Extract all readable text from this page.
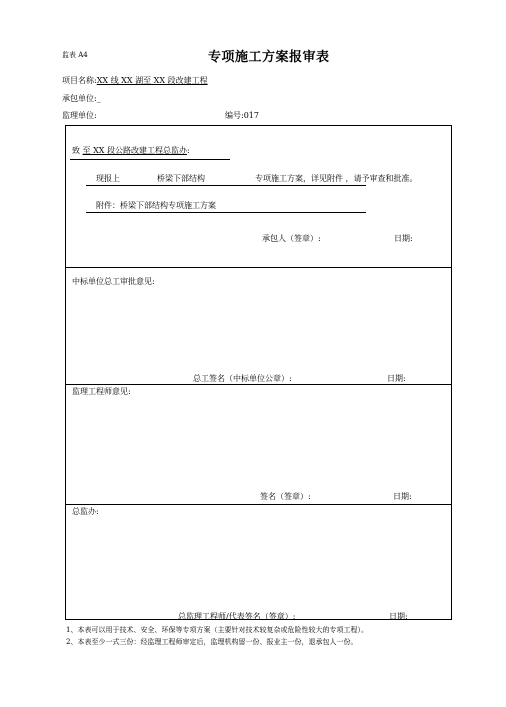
监表 A4	专项施工方案报审表
项目名称:XX 线 XX 湖至 XX 段改建工程
承包单位:_
监理单位:	编号:017
致 至 XX 段公路改建工程总监办:
现报上	桥梁下部结构	专项施工方案，详见附件 ，请予审查和批准。
附件：桥梁下部结构专项施工方案
承包人（签章）:	日期:
中标单位总工审批意见:
总工签名（中标单位公章）:	日期:
监理工程师意见:
签名（签章）:	日期:
总监办:
总监理工程师/代表签名（签章）:	日期:
1、本表可以用于技术、安全、环保等专项方案（主要针对技术较复杂或危险性较大的专项工程）。
2、本表至少一式三份：经监理工程师审定后，监理机构留一份、报业主一份，退承包人一份。
